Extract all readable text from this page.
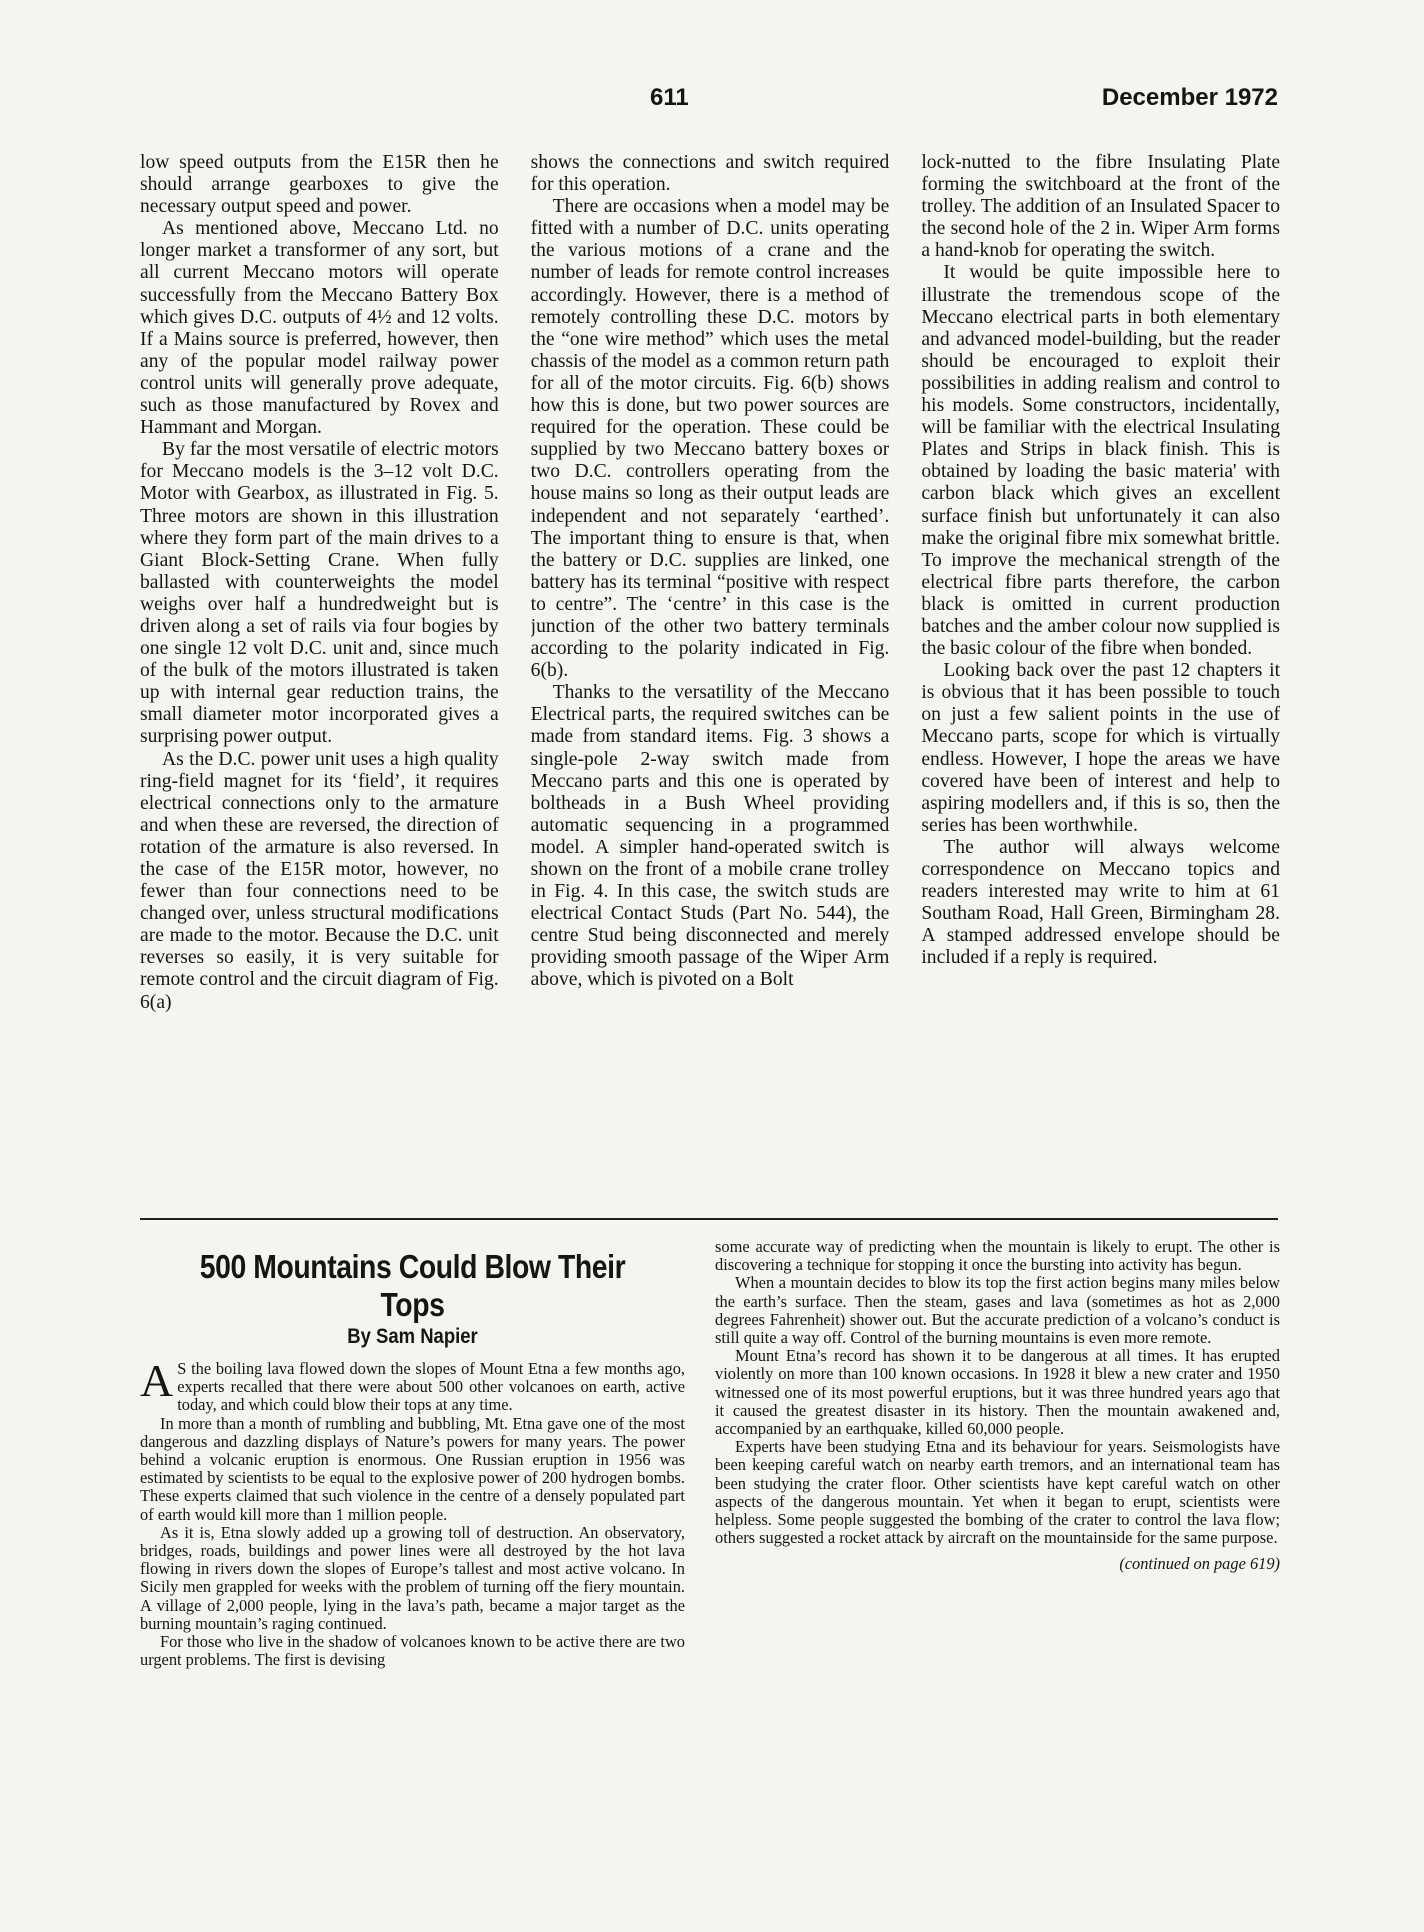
611	December 1972

low speed outputs from the E15R then he should arrange gearboxes to give the necessary output speed and power.

As mentioned above, Meccano Ltd. no longer market a transformer of any sort, but all current Meccano motors will operate successfully from the Meccano Battery Box which gives D.C. outputs of 4½ and 12 volts. If a Mains source is preferred, however, then any of the popular model railway power control units will generally prove adequate, such as those manufactured by Rovex and Hammant and Morgan.

By far the most versatile of electric motors for Meccano models is the 3–12 volt D.C. Motor with Gearbox, as illustrated in Fig. 5. Three motors are shown in this illustration where they form part of the main drives to a Giant Block-Setting Crane. When fully ballasted with counterweights the model weighs over half a hundredweight but is driven along a set of rails via four bogies by one single 12 volt D.C. unit and, since much of the bulk of the motors illustrated is taken up with internal gear reduction trains, the small diameter motor incorporated gives a surprising power output.

As the D.C. power unit uses a high quality ring-field magnet for its ‘field’, it requires electrical connections only to the armature and when these are reversed, the direction of rotation of the armature is also reversed. In the case of the E15R motor, however, no fewer than four connections need to be changed over, unless structural modifications are made to the motor. Because the D.C. unit reverses so easily, it is very suitable for remote control and the circuit diagram of Fig. 6(a)

shows the connections and switch required for this operation.

There are occasions when a model may be fitted with a number of D.C. units operating the various motions of a crane and the number of leads for remote control increases accordingly. However, there is a method of remotely controlling these D.C. motors by the “one wire method” which uses the metal chassis of the model as a common return path for all of the motor circuits. Fig. 6(b) shows how this is done, but two power sources are required for the operation. These could be supplied by two Meccano battery boxes or two D.C. controllers operating from the house mains so long as their output leads are independent and not separately ‘earthed’. The important thing to ensure is that, when the battery or D.C. supplies are linked, one battery has its terminal “positive with respect to centre”. The ‘centre’ in this case is the junction of the other two battery terminals according to the polarity indicated in Fig. 6(b).

Thanks to the versatility of the Meccano Electrical parts, the required switches can be made from standard items. Fig. 3 shows a single-pole 2-way switch made from Meccano parts and this one is operated by boltheads in a Bush Wheel providing automatic sequencing in a programmed model. A simpler hand-operated switch is shown on the front of a mobile crane trolley in Fig. 4. In this case, the switch studs are electrical Contact Studs (Part No. 544), the centre Stud being disconnected and merely providing smooth passage of the Wiper Arm above, which is pivoted on a Bolt

lock-nutted to the fibre Insulating Plate forming the switchboard at the front of the trolley. The addition of an Insulated Spacer to the second hole of the 2 in. Wiper Arm forms a hand-knob for operating the switch.

It would be quite impossible here to illustrate the tremendous scope of the Meccano electrical parts in both elementary and advanced model-building, but the reader should be encouraged to exploit their possibilities in adding realism and control to his models. Some constructors, incidentally, will be familiar with the electrical Insulating Plates and Strips in black finish. This is obtained by loading the basic materia' with carbon black which gives an excellent surface finish but unfortunately it can also make the original fibre mix somewhat brittle. To improve the mechanical strength of the electrical fibre parts therefore, the carbon black is omitted in current production batches and the amber colour now supplied is the basic colour of the fibre when bonded.

Looking back over the past 12 chapters it is obvious that it has been possible to touch on just a few salient points in the use of Meccano parts, scope for which is virtually endless. However, I hope the areas we have covered have been of interest and help to aspiring modellers and, if this is so, then the series has been worthwhile.

The author will always welcome correspondence on Meccano topics and readers interested may write to him at 61 Southam Road, Hall Green, Birmingham 28. A stamped addressed envelope should be included if a reply is required.

500 Mountains Could Blow Their Tops
By Sam Napier

A S the boiling lava flowed down the slopes of Mount Etna a few months ago, experts recalled that there were about 500 other volcanoes on earth, active today, and which could blow their tops at any time.

In more than a month of rumbling and bubbling, Mt. Etna gave one of the most dangerous and dazzling displays of Nature’s powers for many years. The power behind a volcanic eruption is enormous. One Russian eruption in 1956 was estimated by scientists to be equal to the explosive power of 200 hydrogen bombs. These experts claimed that such violence in the centre of a densely populated part of earth would kill more than 1 million people.

As it is, Etna slowly added up a growing toll of destruction. An observatory, bridges, roads, buildings and power lines were all destroyed by the hot lava flowing in rivers down the slopes of Europe’s tallest and most active volcano. In Sicily men grappled for weeks with the problem of turning off the fiery mountain. A village of 2,000 people, lying in the lava’s path, became a major target as the burning mountain’s raging continued.

For those who live in the shadow of volcanoes known to be active there are two urgent problems. The first is devising

some accurate way of predicting when the mountain is likely to erupt. The other is discovering a technique for stopping it once the bursting into activity has begun.

When a mountain decides to blow its top the first action begins many miles below the earth’s surface. Then the steam, gases and lava (sometimes as hot as 2,000 degrees Fahrenheit) shower out. But the accurate prediction of a volcano’s conduct is still quite a way off. Control of the burning mountains is even more remote.

Mount Etna’s record has shown it to be dangerous at all times. It has erupted violently on more than 100 known occasions. In 1928 it blew a new crater and 1950 witnessed one of its most powerful eruptions, but it was three hundred years ago that it caused the greatest disaster in its history. Then the mountain awakened and, accompanied by an earthquake, killed 60,000 people.

Experts have been studying Etna and its behaviour for years. Seismologists have been keeping careful watch on nearby earth tremors, and an international team has been studying the crater floor. Other scientists have kept careful watch on other aspects of the dangerous mountain. Yet when it began to erupt, scientists were helpless. Some people suggested the bombing of the crater to control the lava flow; others suggested a rocket attack by aircraft on the mountainside for the same purpose.

(continued on page 619)
